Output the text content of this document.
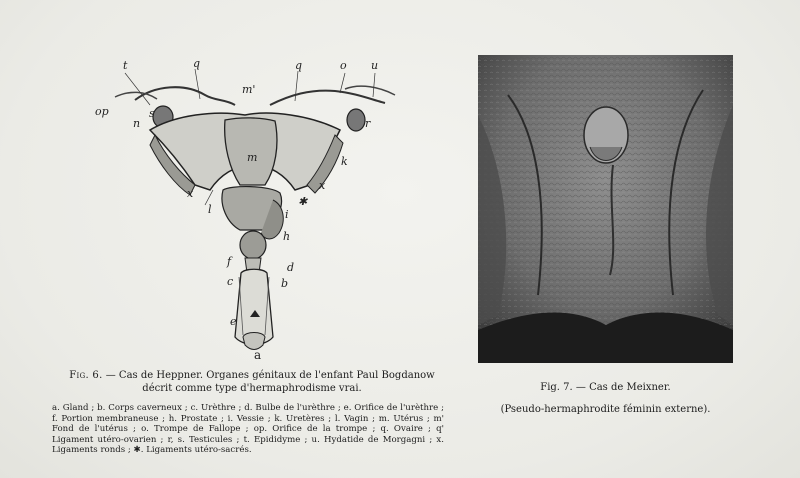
t	q
m'
q	o u
op	s
n	r
k
m
x
x
✱
l	i
h
f	d
c	b
e
a
Fig. 6. — Cas de Heppner. Organes génitaux de l'enfant Paul Bogdanow
décrit comme type d'hermaphrodisme vrai.
a. Gland ; b. Corps caverneux ; c. Urèthre ; d. Bulbe de l'urèthre ; e. Orifice de l'urèthre ; f. Portion membraneuse ; h. Prostate ; i. Vessie ; k. Uretères ; l. Vagin ; m. Utérus ; m' Fond de l'utérus ; o. Trompe de Fallope ; op. Orifice de la trompe ; q. Ovaire ; q' Ligament utéro-ovarien ; r, s. Testicules ; t. Epididyme ; u. Hydatide de Morgagni ; x. Ligaments ronds ; ✱. Ligaments utéro-sacrés.
Fig. 7. — Cas de Meixner.
(Pseudo-hermaphrodite féminin externe).
